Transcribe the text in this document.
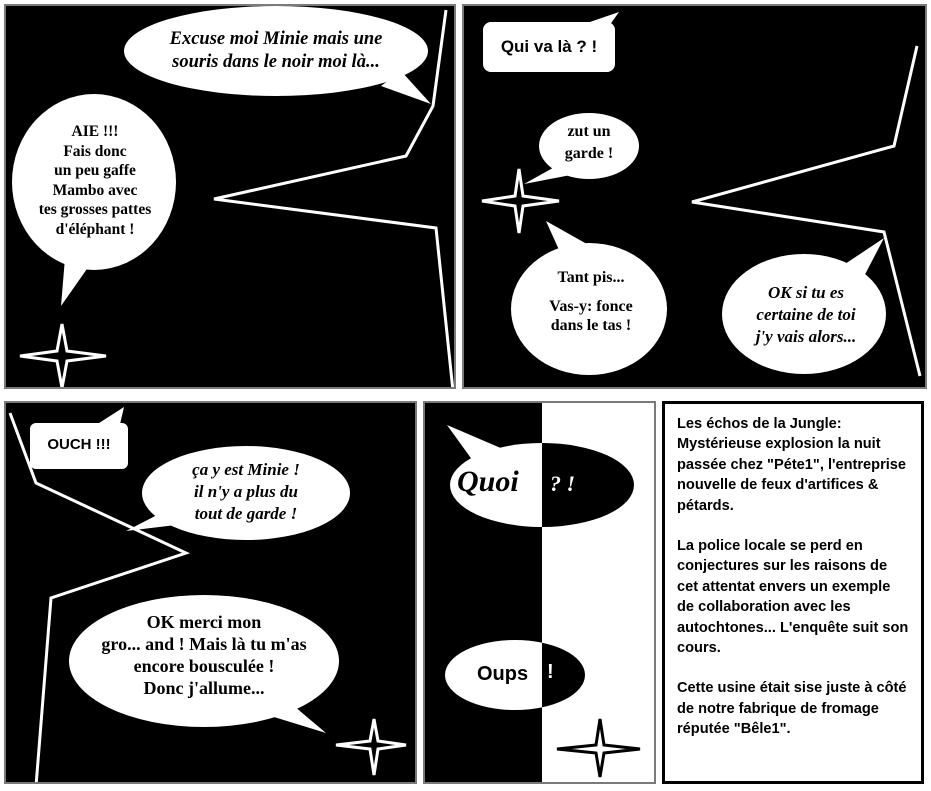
Excuse moi Minie mais une
souris dans le noir moi là...
AIE !!!
Fais donc
un peu gaffe
Mambo avec
tes grosses pattes
d'éléphant !
Qui va là ? !
zut un
garde !
Tant pis...
Vas-y: fonce
dans le tas !
OK si tu es
certaine de toi
j'y vais alors...
OUCH !!!
ça y est Minie !
il n'y a plus du
tout de garde !
OK merci mon
gro... and ! Mais là tu m'as
encore bousculée !
Donc j'allume...
Quoi	? !
Oups !

Les échos de la Jungle: Mystérieuse explosion la nuit passée chez "Péte1", l'entreprise nouvelle de feux d'artifices & pétards.

La police locale se perd en conjectures sur les raisons de cet attentat envers un exemple de collaboration avec les autochtones... L'enquête suit son cours.

Cette usine était sise juste à côté de notre fabrique de fromage réputée "Bêle1".
